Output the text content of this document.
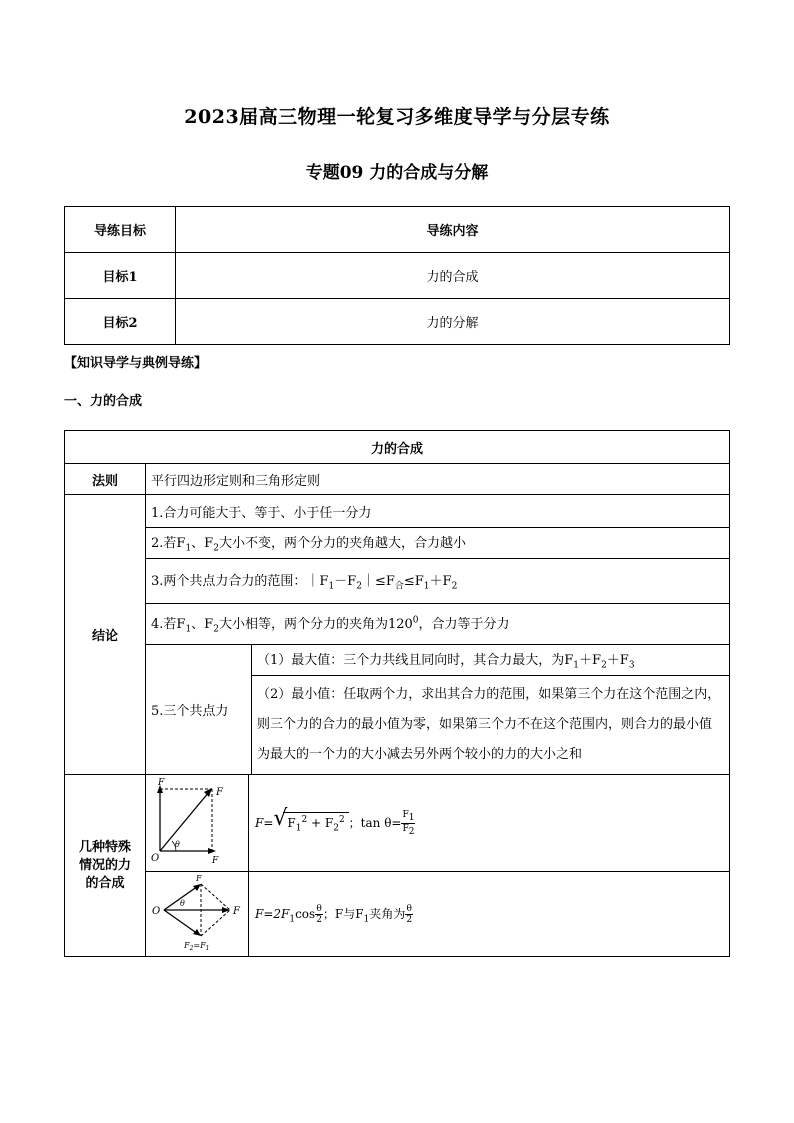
2023届高三物理一轮复习多维度导学与分层专练
专题09 力的合成与分解
导练目标	导练内容
目标1	力的合成
目标2	力的分解
【知识导学与典例导练】
一、力的合成
力的合成
法则	平行四边形定则和三角形定则
结论	1.合力可能大于、等于、小于任一分力
2.若$F_1$、$F_2$大小不变，两个分力的夹角越大，合力越小
3.两个共点力合力的范围：$|F_1-F_2|\le F_合\le F_1+F_2$
4.若$F_1$、$F_2$大小相等，两个分力的夹角为$120^0$，合力等于分力

5.三个共点力	（1）最大值：三个力共线且同向时，其合力最大，为$F_1+F_2+F_3$
（2）最小值：任取两个力，求出其合力的范围，如果第三个力在这个范围之内，则三个力的合力的最小值为零，如果第三个力不在这个范围内，则合力的最小值为最大的一个力的大小减去另外两个较小的力的大小之和

几种特殊情况的力的合成

F
F
F
O
θ
	F= √ $F_1^2 + F_2^2$ ；$\tan \theta= \frac{F_1}{F_2}$

O	F
F
θ
$F_2=F_1$
	$F=2F_1\cos \frac{\theta}{2}$ ；F与$F_1$夹角为 $\frac{\theta}{2}$
